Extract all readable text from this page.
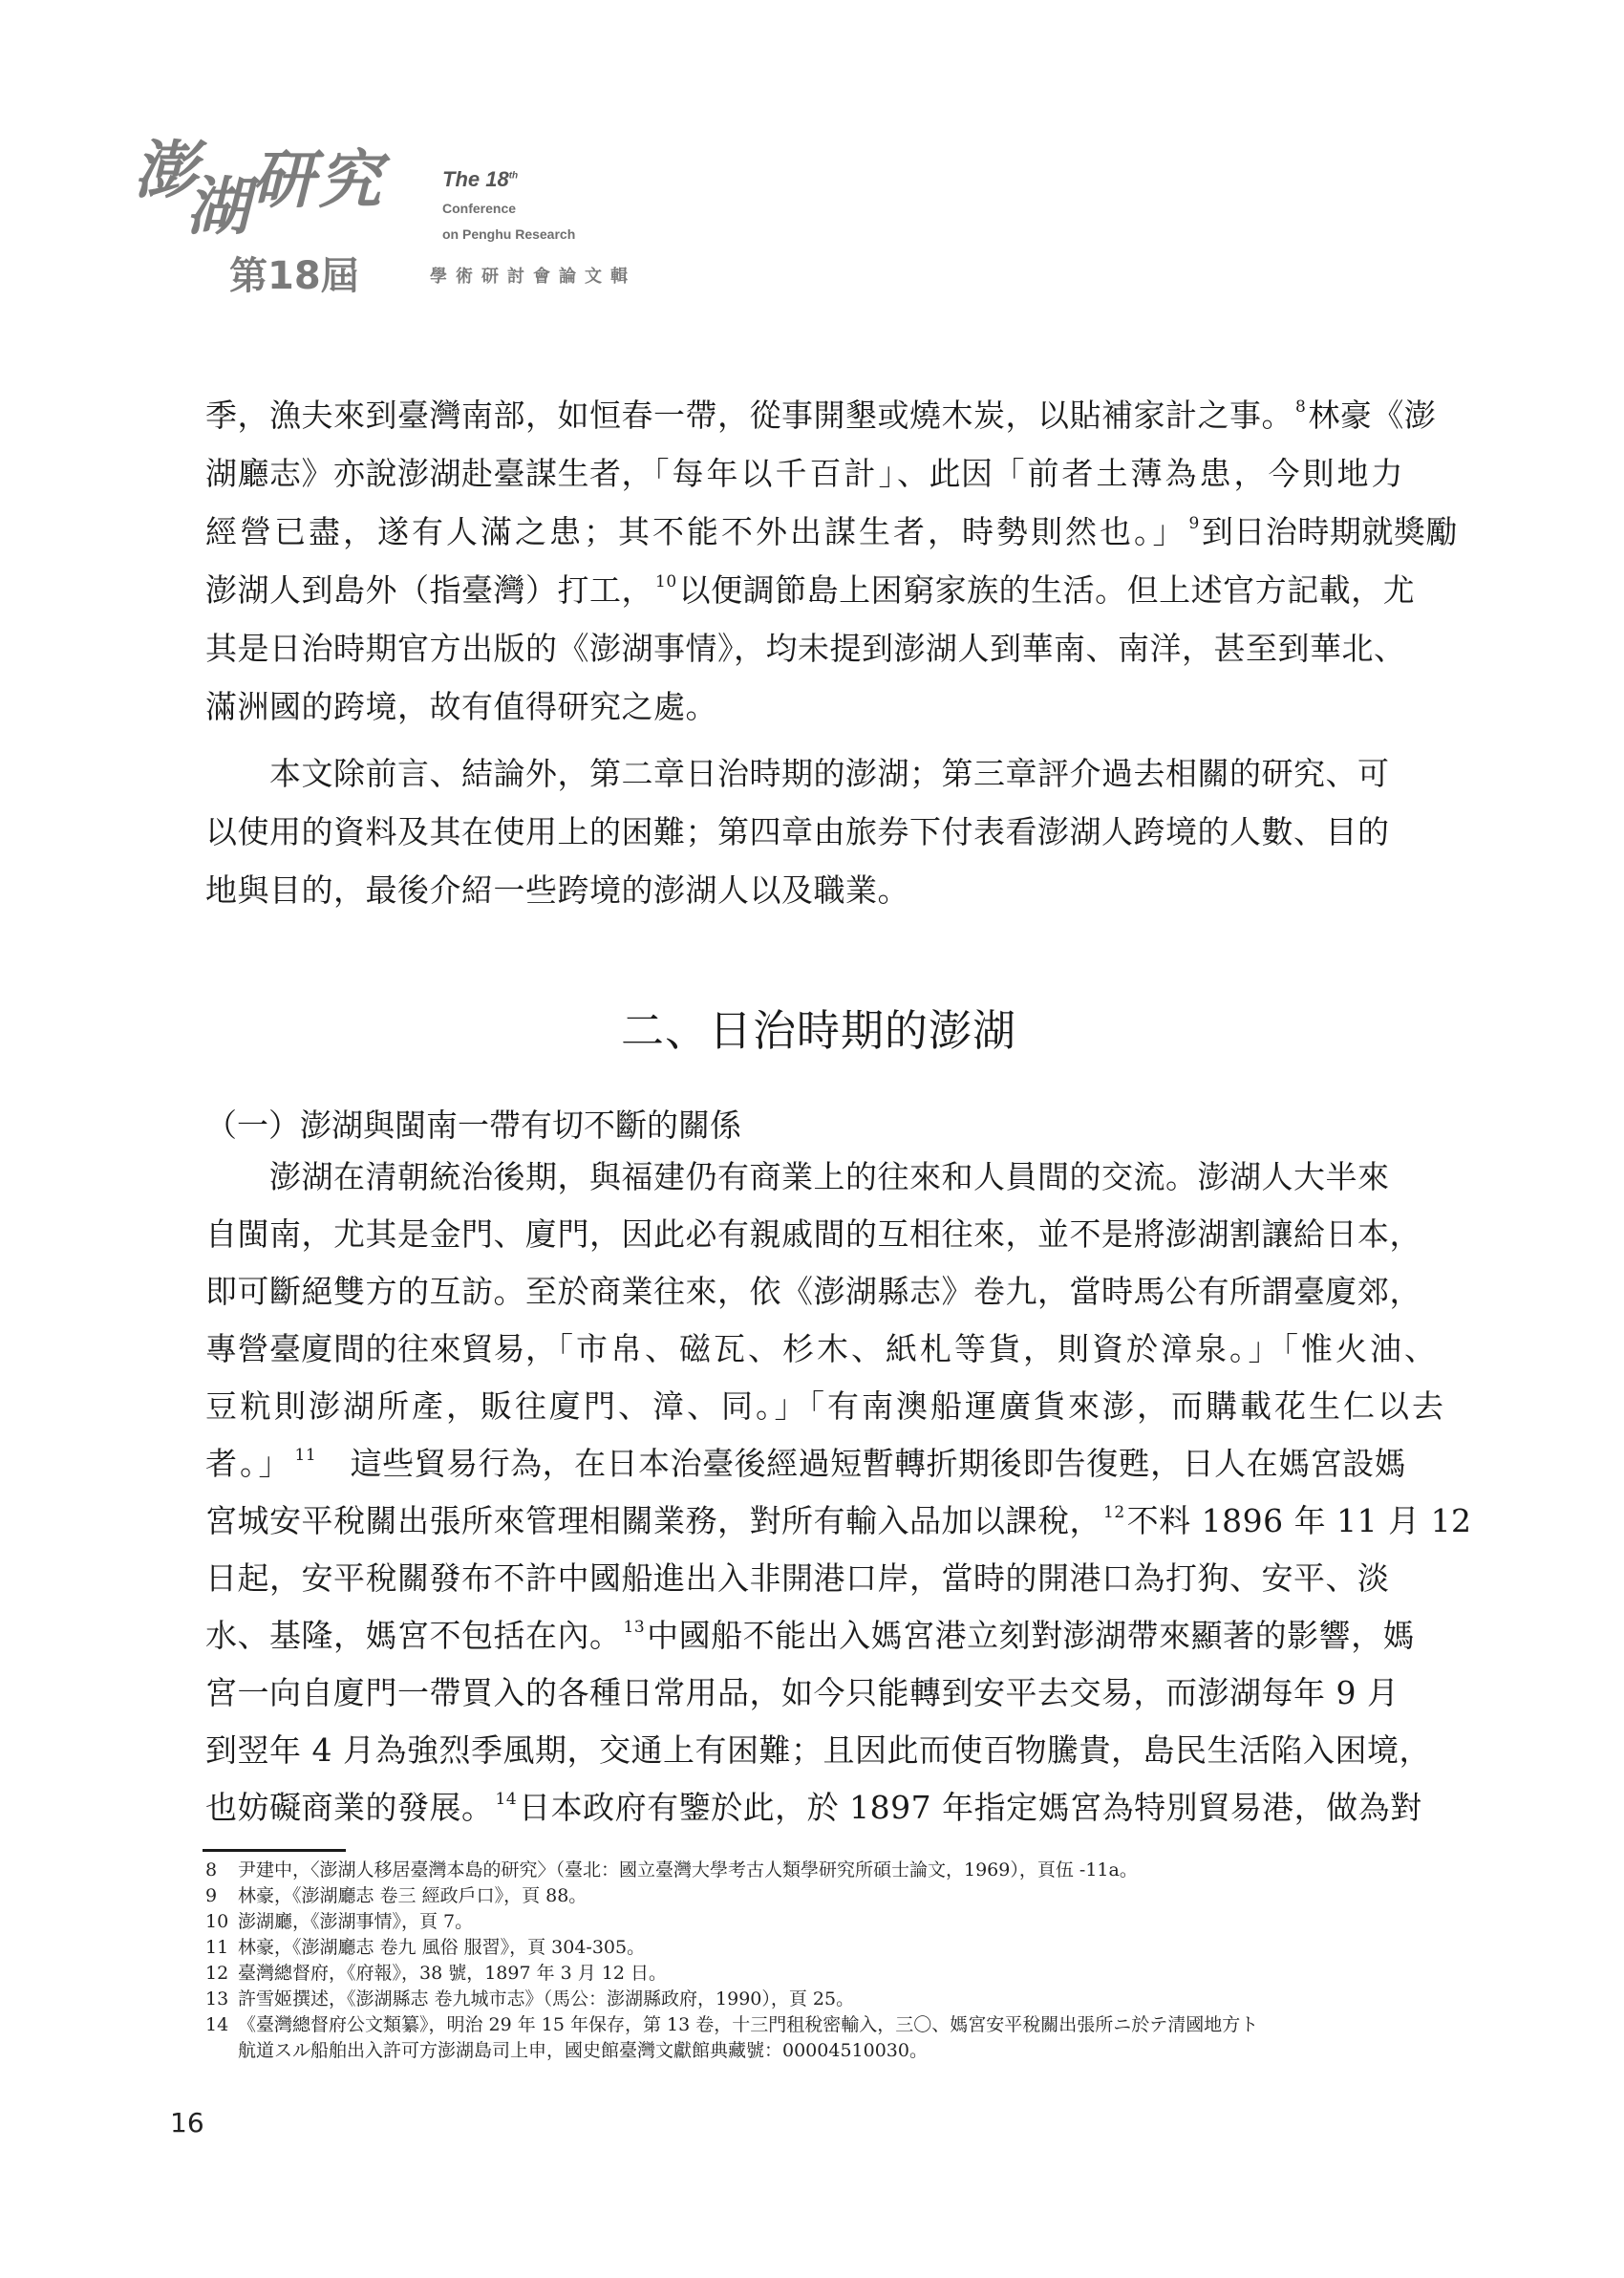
澎
湖 研 究	The 18th
Conference
on Penghu Research
第18屆	學術研討會論文輯
季，漁夫來到臺灣南部，如恒春一帶，從事開墾或燒木炭，以貼補家計之事。 $^8$林豪《澎
湖廳志》亦說澎湖赴臺謀生者，「每年以千百計」、此因「前者土薄為患，今則地力
經營已盡，遂有人滿之患；其不能不外出謀生者，時勢則然也。」 $^9$到日治時期就獎勵
澎湖人到島外（指臺灣）打工， $^{10}$以便調節島上困窮家族的生活。但上述官方記載，尤
其是日治時期官方出版的《澎湖事情》，均未提到澎湖人到華南、南洋，甚至到華北、
滿洲國的跨境，故有值得研究之處。
　　本文除前言、結論外，第二章日治時期的澎湖；第三章評介過去相關的研究、可
以使用的資料及其在使用上的困難；第四章由旅券下付表看澎湖人跨境的人數、目的
地與目的，最後介紹一些跨境的澎湖人以及職業。
二、日治時期的澎湖
（一）澎湖與閩南一帶有切不斷的關係
　　澎湖在清朝統治後期，與福建仍有商業上的往來和人員間的交流。澎湖人大半來
自閩南，尤其是金門、廈門，因此必有親戚間的互相往來，並不是將澎湖割讓給日本，
即可斷絕雙方的互訪。至於商業往來，依《澎湖縣志》卷九，當時馬公有所謂臺廈郊，
專營臺廈間的往來貿易，「市帛、磁瓦、杉木、紙札等貨，則資於漳泉。」「惟火油、
豆粇則澎湖所產，販往廈門、漳、同。」「有南澳船運廣貨來澎，而購載花生仁以去
者。」 $^{11}$　這些貿易行為，在日本治臺後經過短暫轉折期後即告復甦，日人在媽宮設媽
宮城安平稅關出張所來管理相關業務，對所有輸入品加以課稅， $^{12}$不料 1896 年 11 月 12
日起，安平稅關發布不許中國船進出入非開港口岸，當時的開港口為打狗、安平、淡
水、基隆，媽宮不包括在內。 $^{13}$中國船不能出入媽宮港立刻對澎湖帶來顯著的影響，媽
宮一向自廈門一帶買入的各種日常用品，如今只能轉到安平去交易，而澎湖每年 9 月
到翌年 4 月為強烈季風期，交通上有困難；且因此而使百物騰貴，島民生活陷入困境，
也妨礙商業的發展。 $^{14}$日本政府有鑒於此，於 1897 年指定媽宮為特別貿易港，做為對
8 尹建中，〈澎湖人移居臺灣本島的研究〉（臺北：國立臺灣大學考古人類學研究所碩士論文，1969），頁伍 -11a。
9 林豪，《澎湖廳志 卷三 經政戶口》，頁 88。
10 澎湖廳，《澎湖事情》，頁 7。
11 林豪，《澎湖廳志 卷九 風俗 服習》，頁 304-305。
12 臺灣總督府，《府報》，38 號，1897 年 3 月 12 日。
13 許雪姬撰述，《澎湖縣志 卷九城市志》（馬公：澎湖縣政府，1990），頁 25。
14 《臺灣總督府公文類纂》，明治 29 年 15 年保存，第 13 卷，十三門租稅密輸入，三〇、媽宮安平稅關出張所ニ於テ清國地方ト
航道スル船舶出入許可方澎湖島司上申，國史館臺灣文獻館典藏號：00004510030。
16
